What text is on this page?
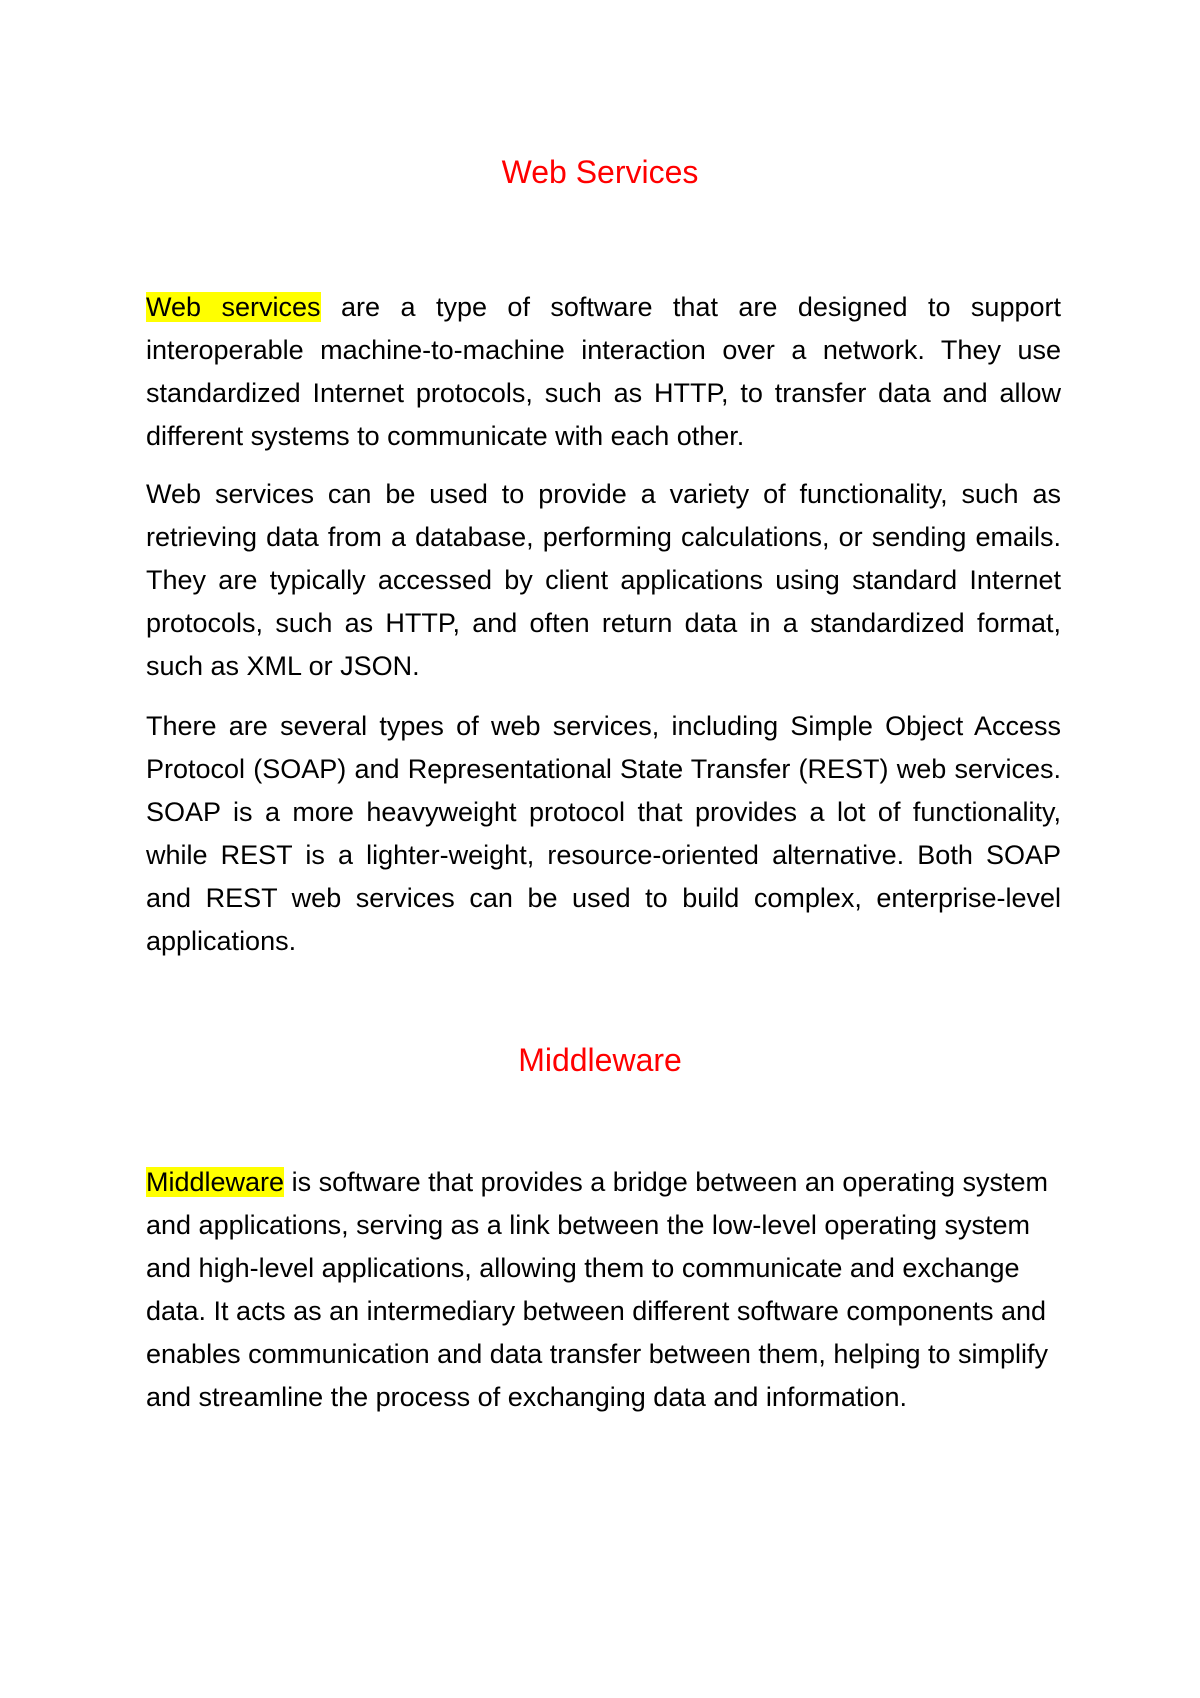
Web Services

Web services are a type of software that are designed to support interoperable machine-to-machine interaction over a network. They use standardized Internet protocols, such as HTTP, to transfer data and allow different systems to communicate with each other.

Web services can be used to provide a variety of functionality, such as retrieving data from a database, performing calculations, or sending emails. They are typically accessed by client applications using standard Internet protocols, such as HTTP, and often return data in a standardized format, such as XML or JSON.

There are several types of web services, including Simple Object Access Protocol (SOAP) and Representational State Transfer (REST) web services. SOAP is a more heavyweight protocol that provides a lot of functionality, while REST is a lighter-weight, resource-oriented alternative. Both SOAP and REST web services can be used to build complex, enterprise-level applications.

Middleware

Middleware is software that provides a bridge between an operating system and applications, serving as a link between the low-level operating system and high-level applications, allowing them to communicate and exchange data. It acts as an intermediary between different software components and enables communication and data transfer between them, helping to simplify and streamline the process of exchanging data and information.
